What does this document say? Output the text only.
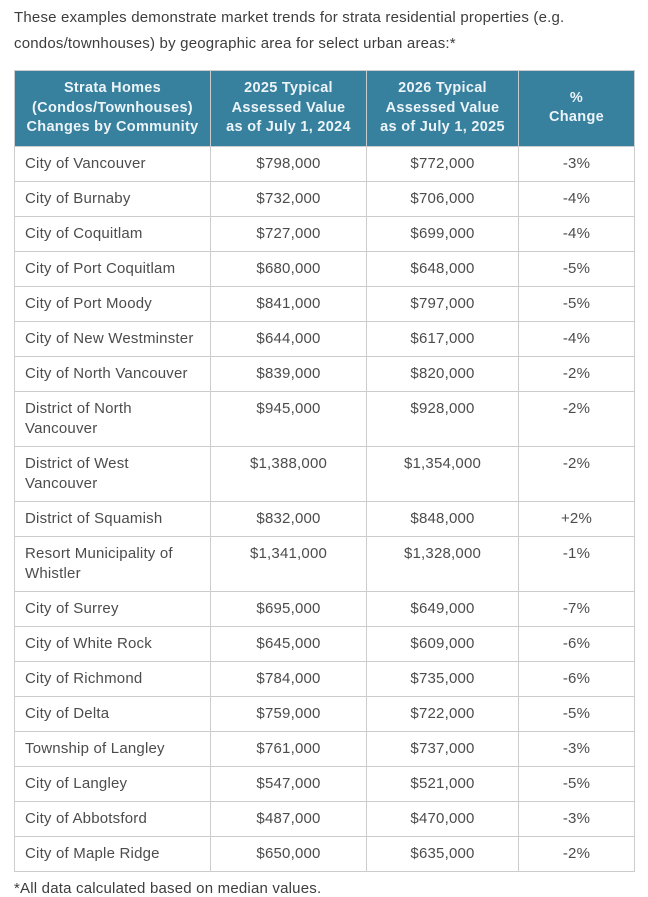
These examples demonstrate market trends for strata residential properties (e.g. condos/townhouses) by geographic area for select urban areas:*

Strata Homes
(Condos/Townhouses)
Changes by Community

2025 Typical
Assessed Value
as of July 1, 2024

2026 Typical
Assessed Value
as of July 1, 2025

%
Change

City of Vancouver	$798,000	$772,000	-3%
City of Burnaby	$732,000	$706,000	-4%
City of Coquitlam	$727,000	$699,000	-4%
City of Port Coquitlam	$680,000	$648,000	-5%
City of Port Moody	$841,000	$797,000	-5%
City of New Westminster	$644,000	$617,000	-4%
City of North Vancouver	$839,000	$820,000	-2%
District of North Vancouver	$945,000	$928,000	-2%
District of West Vancouver	$1,388,000	$1,354,000	-2%
District of Squamish	$832,000	$848,000	+2%
Resort Municipality of Whistler	$1,341,000	$1,328,000	-1%
City of Surrey	$695,000	$649,000	-7%
City of White Rock	$645,000	$609,000	-6%
City of Richmond	$784,000	$735,000	-6%
City of Delta	$759,000	$722,000	-5%
Township of Langley	$761,000	$737,000	-3%
City of Langley	$547,000	$521,000	-5%
City of Abbotsford	$487,000	$470,000	-3%
City of Maple Ridge	$650,000	$635,000	-2%

*All data calculated based on median values.
